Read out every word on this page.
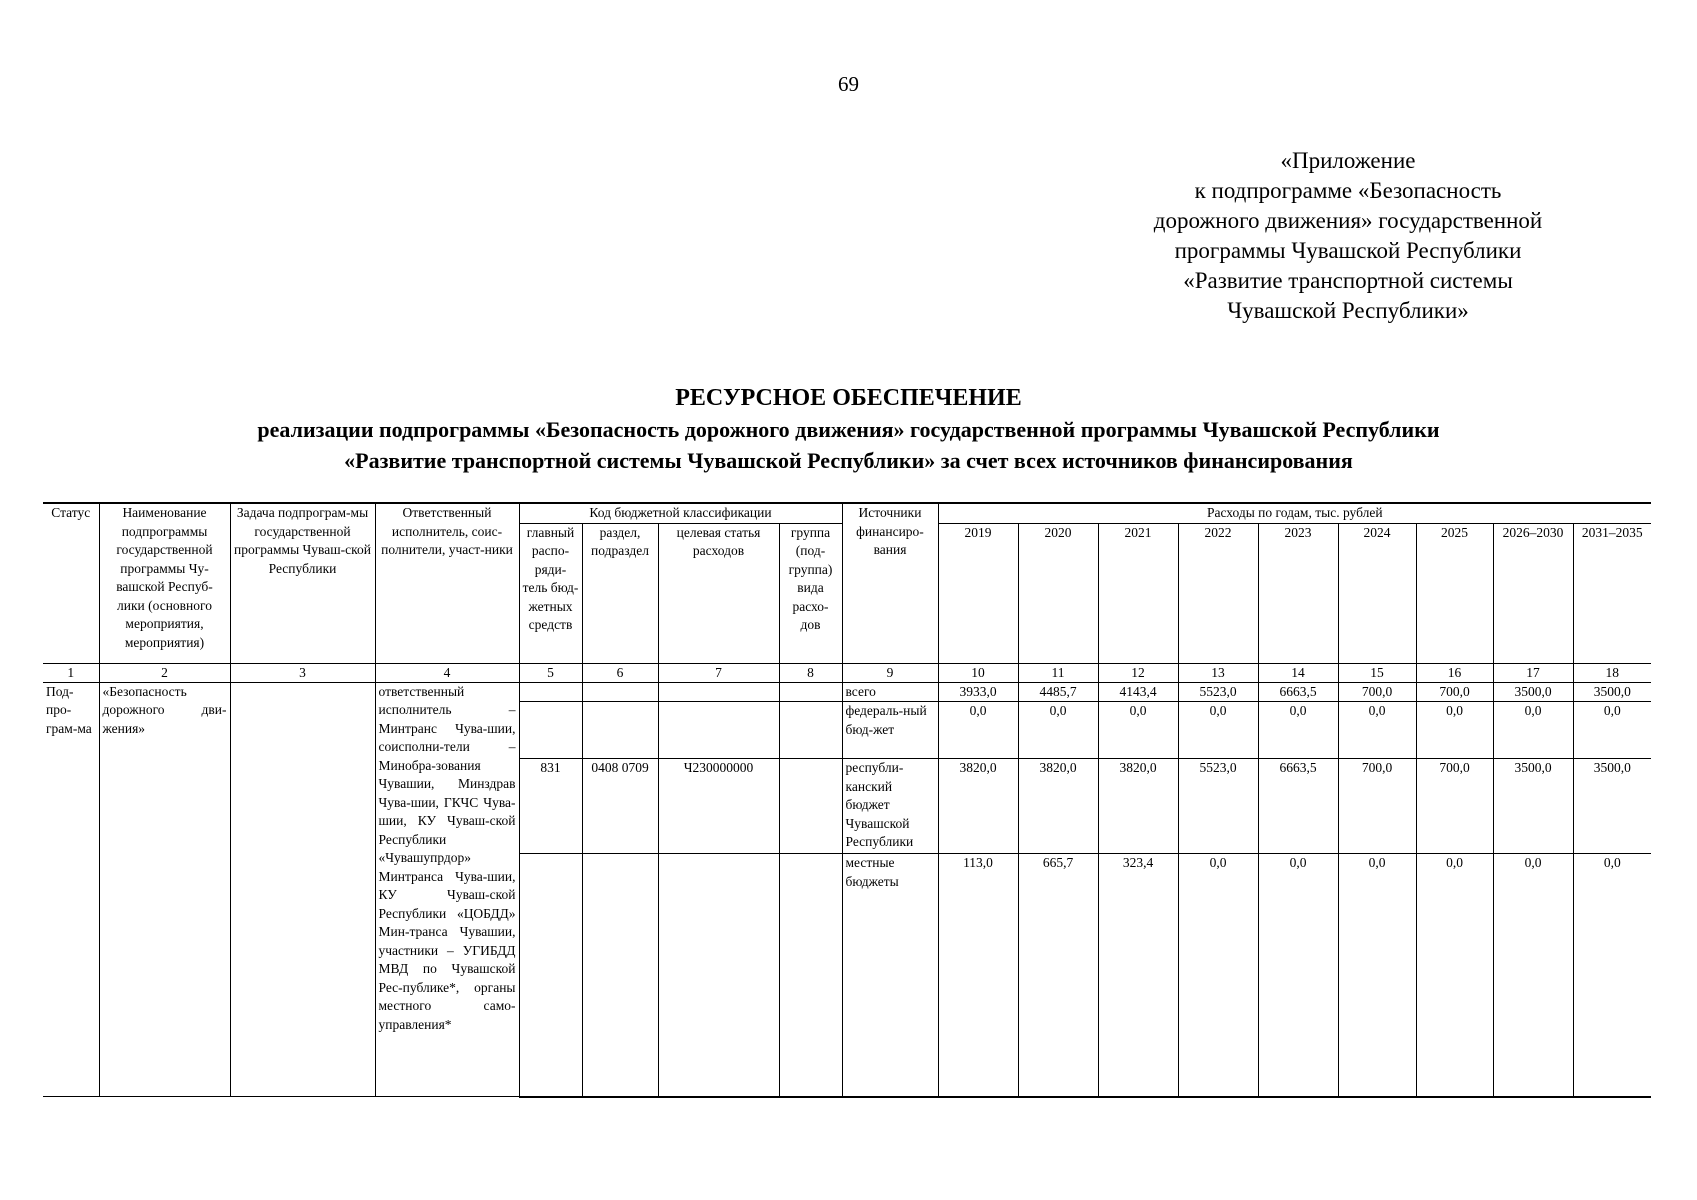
69
«Приложение
к подпрограмме «Безопасность
дорожного движения» государственной
программы Чувашской Республики
«Развитие транспортной системы
Чувашской Республики»
РЕСУРСНОЕ ОБЕСПЕЧЕНИЕ
реализации подпрограммы «Безопасность дорожного движения» государственной программы Чувашской Республики
«Развитие транспортной системы Чувашской Республики» за счет всех источников финансирования
Статус	Наименование подпрограммы государственной программы Чу-вашской Респуб-лики (основного мероприятия, мероприятия)	Задача подпрограм-мы государственной программы Чуваш-ской Республики	Ответственный исполнитель, соис-полнители, участ-ники	Код бюджетной классификации				Источники финансиро-вания	Расходы по годам, тыс. рублей								
				главный распо-ряди-тель бюд-жетных средств	раздел, подраздел	целевая статья расходов	группа (под-группа) вида расхо-дов		2019	2020	2021	2022	2023	2024	2025	2026–2030	2031–2035
1	2	3	4	5	6	7	8	9	10	11	12	13	14	15	16	17	18
Под-про-грам-ма	«Безопасность дорожного дви-жения»		ответственный исполнитель – Минтранс Чува-шии, соисполни-тели – Минобра-зования Чувашии, Минздрав Чува-шии, ГКЧС Чува-шии, КУ Чуваш-ской Республики «Чувашупрдор» Минтранса Чува-шии, КУ Чуваш-ской Республики «ЦОБДД» Мин-транса Чувашии, участники – УГИБДД МВД по Чувашской Рес-публике*, органы местного само-управления*					всего	3933,0	4485,7	4143,4	5523,0	6663,5	700,0	700,0	3500,0	3500,0
								федераль-ный бюд-жет	0,0	0,0	0,0	0,0	0,0	0,0	0,0	0,0	0,0
				831	0408 0709	Ч230000000		республи-канский бюджет Чувашской Республики	3820,0	3820,0	3820,0	5523,0	6663,5	700,0	700,0	3500,0	3500,0
								местные бюджеты	113,0	665,7	323,4	0,0	0,0	0,0	0,0	0,0	0,0
